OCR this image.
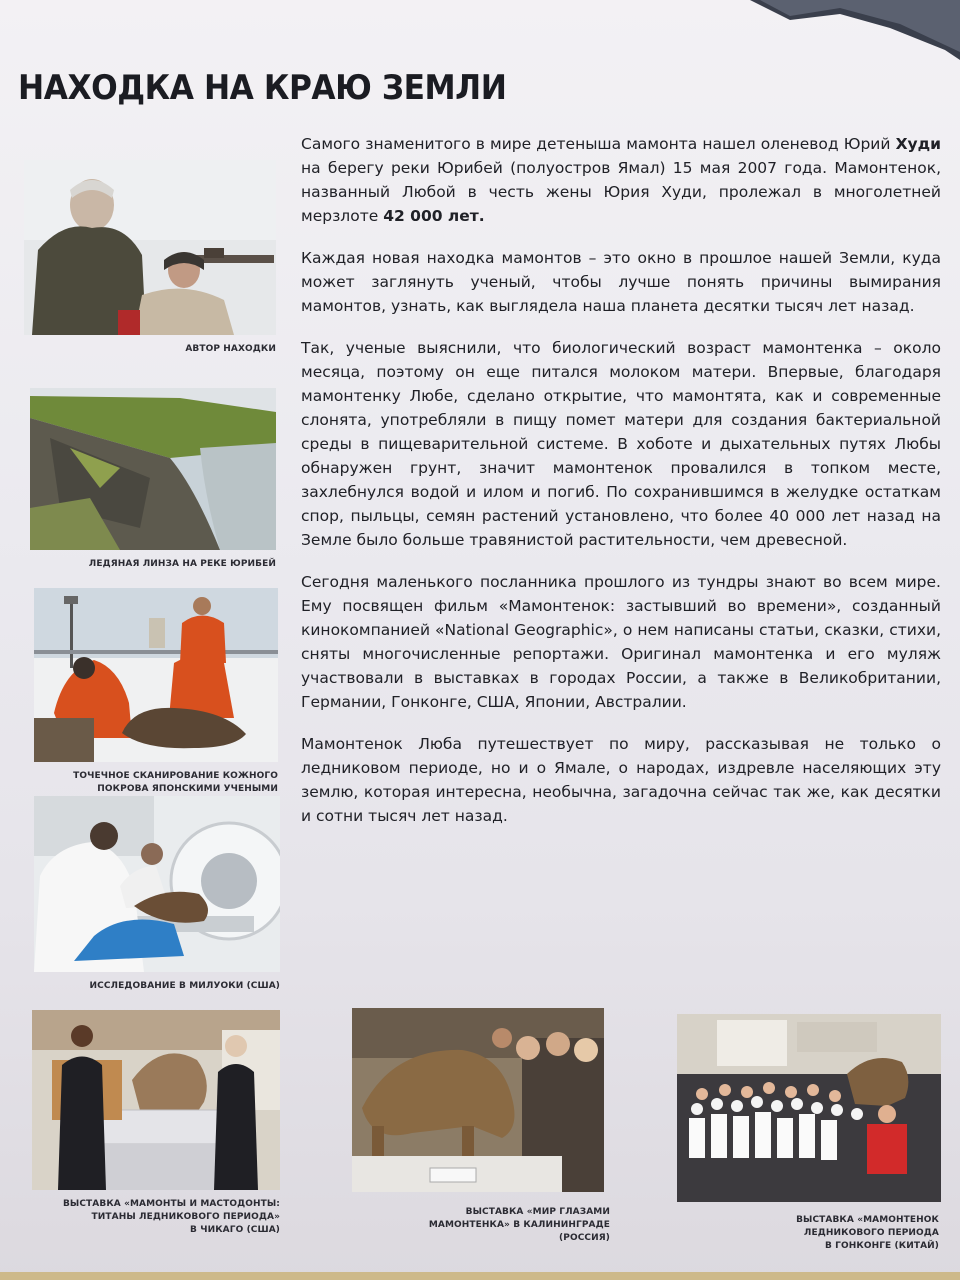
НАХОДКА НА КРАЮ ЗЕМЛИ

Самого знаменитого в мире детеныша мамонта нашел оленевод Юрий Худи на берегу реки Юрибей (полуостров Ямал) 15 мая 2007 года. Мамонтенок, названный Любой в честь жены Юрия Худи, пролежал в многолетней мерзлоте 42 000 лет.

Каждая новая находка мамонтов – это окно в прошлое нашей Земли, куда может заглянуть ученый, чтобы лучше понять причины вымирания мамонтов, узнать, как выглядела наша планета десятки тысяч лет назад.

Так, ученые выяснили, что биологический возраст мамонтенка – около месяца, поэтому он еще питался молоком матери. Впервые, благодаря мамонтенку Любе, сделано открытие, что мамонтята, как и современные слонята, употребляли в пищу помет матери для создания бактериальной среды в пищеварительной системе. В хоботе и дыхательных путях Любы обнаружен грунт, значит мамонтенок провалился в топком месте, захлебнулся водой и илом и погиб. По сохранившимся в желудке остаткам спор, пыльцы, семян растений установлено, что более 40 000 лет назад на Земле было больше травянистой растительности, чем древесной.

Сегодня маленького посланника прошлого из тундры знают во всем мире. Ему посвящен фильм «Мамонтенок: застывший во времени», созданный кинокомпанией «National Geographic», о нем написаны статьи, сказки, стихи, сняты многочисленные репортажи. Оригинал мамонтенка и его муляж участвовали в выставках в городах России, а также в Великобритании, Германии, Гонконге, США, Японии, Австралии.

Мамонтенок Люба путешествует по миру, рассказывая не только о ледниковом периоде, но и о Ямале, о народах, издревле населяющих эту землю, которая интересна, необычна, загадочна сейчас так же, как десятки и сотни тысяч лет назад.

АВТОР НАХОДКИ
ЛЕДЯНАЯ ЛИНЗА НА РЕКЕ ЮРИБЕЙ
ТОЧЕЧНОЕ СКАНИРОВАНИЕ КОЖНОГО
ПОКРОВА ЯПОНСКИМИ УЧЕНЫМИ
ИССЛЕДОВАНИЕ В МИЛУОКИ (США)
ВЫСТАВКА «МАМОНТЫ И МАСТОДОНТЫ:
ТИТАНЫ ЛЕДНИКОВОГО ПЕРИОДА»
В ЧИКАГО (США)
ВЫСТАВКА «МИР ГЛАЗАМИ
МАМОНТЕНКА» В КАЛИНИНГРАДЕ
(РОССИЯ)
ВЫСТАВКА «МАМОНТЕНОК
ЛЕДНИКОВОГО ПЕРИОДА
В ГОНКОНГЕ (КИТАЙ)
